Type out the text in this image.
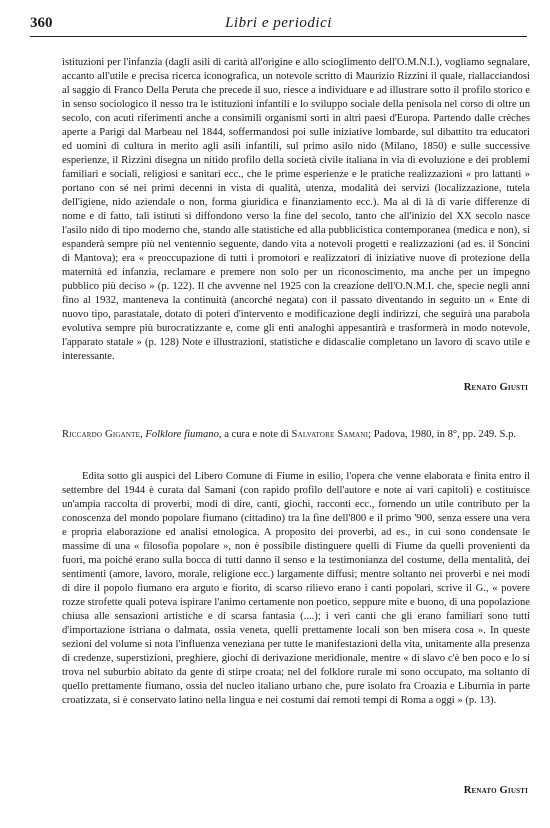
360	Libri e periodici
istituzioni per l'infanzia (dagli asili di carità all'origine e allo scioglimento dell'O.M.N.I.), vogliamo segnalare, accanto all'utile e precisa ricerca iconografica, un notevole scritto di Maurizio Rizzini il quale, riallacciandosi al saggio di Franco Della Peruta che precede il suo, riesce a individuare e ad illustrare sotto il profilo storico e in senso sociologico il nesso tra le istituzioni infantili e lo sviluppo sociale della penisola nel corso di oltre un secolo, con acuti riferimenti anche a consimili organismi sorti in altri paesi d'Europa. Partendo dalle crèches aperte a Parigi dal Marbeau nel 1844, soffermandosi poi sulle iniziative lombarde, sul dibattito tra educatori ed uomini di cultura in merito agli asili infantili, sul primo asilo nido (Milano, 1850) e sulle successive esperienze, il Rizzini disegna un nitido profilo della società civile italiana in via di evoluzione e dei problemi familiari e sociali, religiosi e sanitari ecc., che le prime esperienze e le pratiche realizzazioni « pro lattanti » portano con sé nei primi decenni in vista di qualità, utenza, modalità dei servizi (localizzazione, tutela dell'igiene, nido aziendale o non, forma giuridica e finanziamento ecc.). Ma al di là di varie differenze di nome e di fatto, tali istituti si diffondono verso la fine del secolo, tanto che all'inizio del XX secolo nasce l'asilo nido di tipo moderno che, stando alle statistiche ed alla pubblicistica contemporanea (medica e non), si espanderà sempre più nel ventennio seguente, dando vita a notevoli progetti e realizzazioni (ad es. il Soncini di Mantova); era « preoccupazione di tutti i promotori e realizzatori di iniziative nuove di protezione della maternità ed infanzia, reclamare e premere non solo per un riconoscimento, ma anche per un impegno pubblico più deciso » (p. 122). Il che avvenne nel 1925 con la creazione dell'O.N.M.I. che, specie negli anni fino al 1932, manteneva la continuità (ancorché negata) con il passato diventando in seguito un « Ente di nuovo tipo, parastatale, dotato di poteri d'intervento e modificazione degli indirizzi, che seguirà una parabola evolutiva sempre più burocratizzante e, come gli enti analoghi appesantirà e trasformerà in modo notevole, l'apparato statale » (p. 128) Note e illustrazioni, statistiche e didascalie completano un lavoro di scavo utile e interessante.
Renato Giusti
Riccardo Gigante, Folklore fiumano, a cura e note di Salvatore Samani; Padova, 1980, in 8°, pp. 249. S.p.
Edita sotto gli auspici del Libero Comune di Fiume in esilio, l'opera che venne elaborata e finita entro il settembre del 1944 è curata dal Samani (con rapido profilo dell'autore e note ai vari capitoli) e costituisce un'ampia raccolta di proverbi, modi di dire, canti, giochi, racconti ecc., fornendo un utile contributo per la conoscenza del mondo popolare fiumano (cittadino) tra la fine dell'800 e il primo '900, senza essere una vera e propria elaborazione ed analisi etnologica. A proposito dei proverbi, ad es., in cui sono condensate le massime di una « filosofia popolare », non è possibile distinguere quelli di Fiume da quelli provenienti da fuori, ma poiché erano sulla bocca di tutti danno il senso e la testimonianza del costume, della mentalità, dei sentimenti (amore, lavoro, morale, religione ecc.) largamente diffusi; mentre soltanto nei proverbi e nei modi di dire il popolo fiumano era arguto e fiorito, di scarso rilievo erano i canti popolari, scrive il G., « povere rozze strofette quali poteva ispirare l'animo certamente non poetico, seppure mite e buono, di una popolazione chiusa alle sensazioni artistiche e di scarsa fantasia (....); i veri canti che gli erano familiari sono tutti d'importazione istriana o dalmata, ossia veneta, quelli prettamente locali son ben misera cosa ». In queste sezioni del volume si nota l'influenza veneziana per tutte le manifestazioni della vita, unitamente alla presenza di credenze, superstizioni, preghiere, giochi di derivazione meridionale, mentre « di slavo c'è ben poco e lo si trova nel suburbio abitato da gente di stirpe croata; nel del folklore rurale mi sono occupato, ma soltanto di quello prettamente fiumano, ossia del nucleo italiano urbano che, pure isolato fra Croazia e Liburnia in parte croatizzata, si è conservato latino nella lingua e nei costumi dai remoti tempi di Roma a oggi » (p. 13).
Renato Giusti
